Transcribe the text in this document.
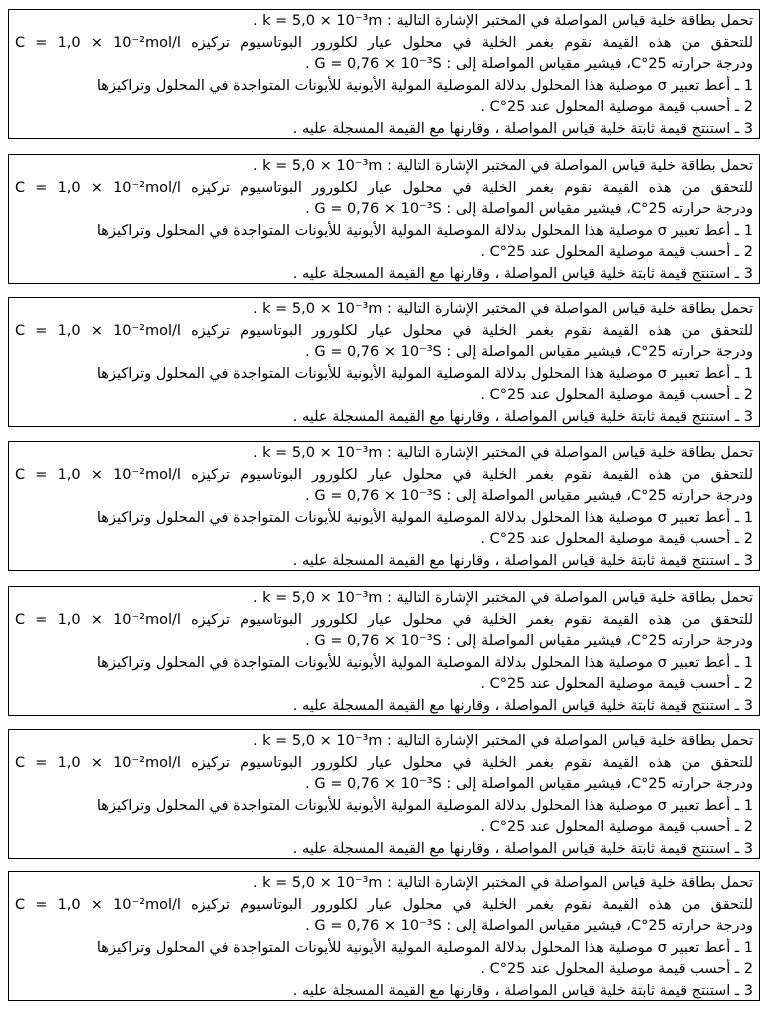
تحمل بطاقة خلية قياس المواصلة في المختبر الإشارة التالية : k = 5,0 × 10⁻³m .
للتحقق من هذه القيمة نقوم بغمر الخلية في محلول عيار لكلورور البوتاسيوم تركيزه C = 1,0 × 10⁻²mol/l
ودرجة حرارته 25°C، فيشير مقياس المواصلة إلى : G = 0,76 × 10⁻³S .
1 ـ أعط تعبير σ موصلية هذا المحلول بدلالة الموصلية المولية الأيونية للأيونات المتواجدة في المحلول وتراكيزها
2 ـ أحسب قيمة موصلية المحلول عند 25°C .
3 ـ استنتج قيمة ثابتة خلية قياس المواصلة ، وقارنها مع القيمة المسجلة عليه .
تحمل بطاقة خلية قياس المواصلة في المختبر الإشارة التالية : k = 5,0 × 10⁻³m .
للتحقق من هذه القيمة نقوم بغمر الخلية في محلول عيار لكلورور البوتاسيوم تركيزه C = 1,0 × 10⁻²mol/l
ودرجة حرارته 25°C، فيشير مقياس المواصلة إلى : G = 0,76 × 10⁻³S .
1 ـ أعط تعبير σ موصلية هذا المحلول بدلالة الموصلية المولية الأيونية للأيونات المتواجدة في المحلول وتراكيزها
2 ـ أحسب قيمة موصلية المحلول عند 25°C .
3 ـ استنتج قيمة ثابتة خلية قياس المواصلة ، وقارنها مع القيمة المسجلة عليه .
تحمل بطاقة خلية قياس المواصلة في المختبر الإشارة التالية : k = 5,0 × 10⁻³m .
للتحقق من هذه القيمة نقوم بغمر الخلية في محلول عيار لكلورور البوتاسيوم تركيزه C = 1,0 × 10⁻²mol/l
ودرجة حرارته 25°C، فيشير مقياس المواصلة إلى : G = 0,76 × 10⁻³S .
1 ـ أعط تعبير σ موصلية هذا المحلول بدلالة الموصلية المولية الأيونية للأيونات المتواجدة في المحلول وتراكيزها
2 ـ أحسب قيمة موصلية المحلول عند 25°C .
3 ـ استنتج قيمة ثابتة خلية قياس المواصلة ، وقارنها مع القيمة المسجلة عليه .
تحمل بطاقة خلية قياس المواصلة في المختبر الإشارة التالية : k = 5,0 × 10⁻³m .
للتحقق من هذه القيمة نقوم بغمر الخلية في محلول عيار لكلورور البوتاسيوم تركيزه C = 1,0 × 10⁻²mol/l
ودرجة حرارته 25°C، فيشير مقياس المواصلة إلى : G = 0,76 × 10⁻³S .
1 ـ أعط تعبير σ موصلية هذا المحلول بدلالة الموصلية المولية الأيونية للأيونات المتواجدة في المحلول وتراكيزها
2 ـ أحسب قيمة موصلية المحلول عند 25°C .
3 ـ استنتج قيمة ثابتة خلية قياس المواصلة ، وقارنها مع القيمة المسجلة عليه .
تحمل بطاقة خلية قياس المواصلة في المختبر الإشارة التالية : k = 5,0 × 10⁻³m .
للتحقق من هذه القيمة نقوم بغمر الخلية في محلول عيار لكلورور البوتاسيوم تركيزه C = 1,0 × 10⁻²mol/l
ودرجة حرارته 25°C، فيشير مقياس المواصلة إلى : G = 0,76 × 10⁻³S .
1 ـ أعط تعبير σ موصلية هذا المحلول بدلالة الموصلية المولية الأيونية للأيونات المتواجدة في المحلول وتراكيزها
2 ـ أحسب قيمة موصلية المحلول عند 25°C .
3 ـ استنتج قيمة ثابتة خلية قياس المواصلة ، وقارنها مع القيمة المسجلة عليه .
تحمل بطاقة خلية قياس المواصلة في المختبر الإشارة التالية : k = 5,0 × 10⁻³m .
للتحقق من هذه القيمة نقوم بغمر الخلية في محلول عيار لكلورور البوتاسيوم تركيزه C = 1,0 × 10⁻²mol/l
ودرجة حرارته 25°C، فيشير مقياس المواصلة إلى : G = 0,76 × 10⁻³S .
1 ـ أعط تعبير σ موصلية هذا المحلول بدلالة الموصلية المولية الأيونية للأيونات المتواجدة في المحلول وتراكيزها
2 ـ أحسب قيمة موصلية المحلول عند 25°C .
3 ـ استنتج قيمة ثابتة خلية قياس المواصلة ، وقارنها مع القيمة المسجلة عليه .
تحمل بطاقة خلية قياس المواصلة في المختبر الإشارة التالية : k = 5,0 × 10⁻³m .
للتحقق من هذه القيمة نقوم بغمر الخلية في محلول عيار لكلورور البوتاسيوم تركيزه C = 1,0 × 10⁻²mol/l
ودرجة حرارته 25°C، فيشير مقياس المواصلة إلى : G = 0,76 × 10⁻³S .
1 ـ أعط تعبير σ موصلية هذا المحلول بدلالة الموصلية المولية الأيونية للأيونات المتواجدة في المحلول وتراكيزها
2 ـ أحسب قيمة موصلية المحلول عند 25°C .
3 ـ استنتج قيمة ثابتة خلية قياس المواصلة ، وقارنها مع القيمة المسجلة عليه .
